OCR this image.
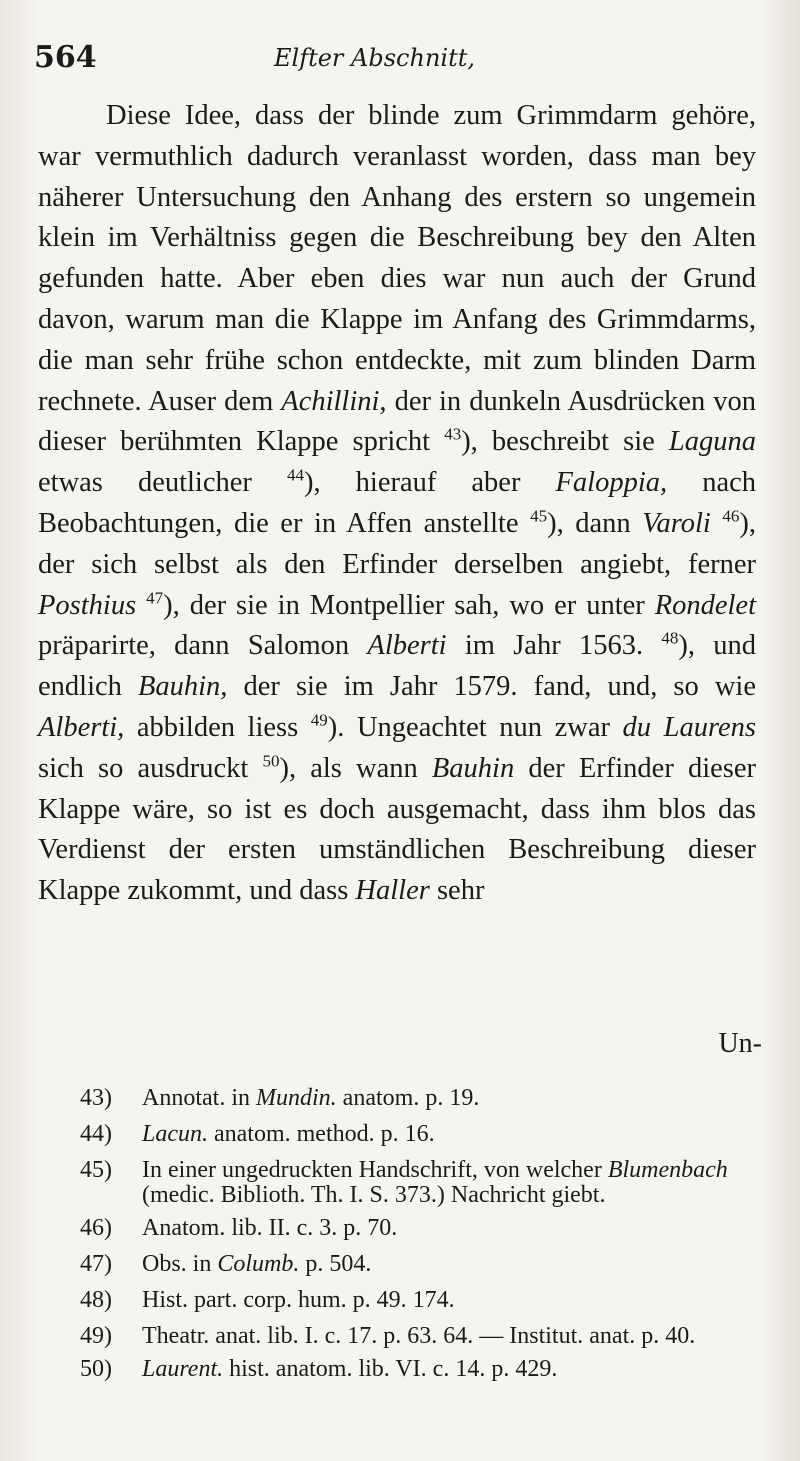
564	Elfter Abschnitt,

Diese Idee, dass der blinde zum Grimmdarm gehöre, war vermuthlich dadurch veranlasst worden, dass man bey näherer Untersuchung den Anhang des erstern so ungemein klein im Verhältniss gegen die Beschreibung bey den Alten gefunden hatte. Aber eben dies war nun auch der Grund davon, warum man die Klappe im Anfang des Grimmdarms, die man sehr frühe schon entdeckte, mit zum blinden Darm rechnete. Auser dem Achillini, der in dunkeln Ausdrücken von dieser berühmten Klappe spricht $^{43}$), beschreibt sie Laguna etwas deutlicher $^{44}$), hierauf aber Faloppia, nach Beobachtungen, die er in Affen anstellte $^{45}$), dann Varoli $^{46}$), der sich selbst als den Erfinder derselben angiebt, ferner Posthius $^{47}$), der sie in Montpellier sah, wo er unter Rondelet präparirte, dann Salomon Alberti im Jahr 1563. $^{48}$), und endlich Bauhin, der sie im Jahr 1579. fand, und, so wie Alberti, abbilden liess $^{49}$). Ungeachtet nun zwar du Laurens sich so ausdruckt $^{50}$), als wann Bauhin der Erfinder dieser Klappe wäre, so ist es doch ausgemacht, dass ihm blos das Verdienst der ersten umständlichen Beschreibung dieser Klappe zukommt, und dass Haller sehr

Un-
43) Annotat. in Mundin. anatom. p. 19.
44) Lacun. anatom. method. p. 16.
45) In einer ungedruckten Handschrift, von welcher Blumenbach (medic. Biblioth. Th. I. S. 373.) Nachricht giebt.
46) Anatom. lib. II. c. 3. p. 70.
47) Obs. in Columb. p. 504.
48) Hist. part. corp. hum. p. 49. 174.
49) Theatr. anat. lib. I. c. 17. p. 63. 64. — Institut. anat. p. 40.
50) Laurent. hist. anatom. lib. VI. c. 14. p. 429.
